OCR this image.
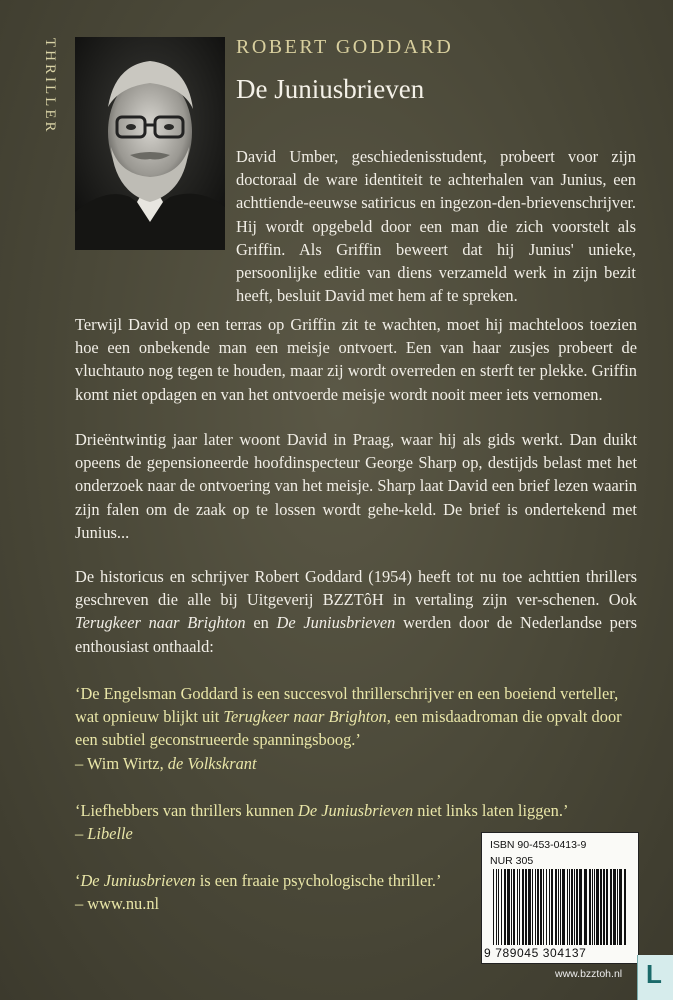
THRILLER	ROBERT GODDARD
De Juniusbrieven
David Umber, geschiedenisstudent, probeert voor zijn doctoraal de ware identiteit te achterhalen van Junius, een achttiende-eeuwse satiricus en ingezon-den-brievenschrijver. Hij wordt opgebeld door een man die zich voorstelt als Griffin. Als Griffin beweert dat hij Junius' unieke, persoonlijke editie van diens verzameld werk in zijn bezit heeft, besluit David met hem af te spreken.
Terwijl David op een terras op Griffin zit te wachten, moet hij machteloos toezien hoe een onbekende man een meisje ontvoert. Een van haar zusjes probeert de vluchtauto nog tegen te houden, maar zij wordt overreden en sterft ter plekke. Griffin komt niet opdagen en van het ontvoerde meisje wordt nooit meer iets vernomen.
Drieëntwintig jaar later woont David in Praag, waar hij als gids werkt. Dan duikt opeens de gepensioneerde hoofdinspecteur George Sharp op, destijds belast met het onderzoek naar de ontvoering van het meisje. Sharp laat David een brief lezen waarin zijn falen om de zaak op te lossen wordt gehe-keld. De brief is ondertekend met Junius...
De historicus en schrijver Robert Goddard (1954) heeft tot nu toe achttien thrillers geschreven die alle bij Uitgeverij BZZTôH in vertaling zijn ver-schenen. Ook Terugkeer naar Brighton en De Juniusbrieven werden door de Nederlandse pers enthousiast onthaald:
‘De Engelsman Goddard is een succesvol thrillerschrijver en een boeiend verteller, wat opnieuw blijkt uit Terugkeer naar Brighton, een misdaadroman die opvalt door een subtiel geconstrueerde spanningsboog.’
– Wim Wirtz, de Volkskrant
‘Liefhebbers van thrillers kunnen De Juniusbrieven niet links laten liggen.’
– Libelle
‘De Juniusbrieven is een fraaie psychologische thriller.’
– www.nu.nl
ISBN 90-453-0413-9
NUR 305
9 789045 304137
www.bzztoh.nl L
